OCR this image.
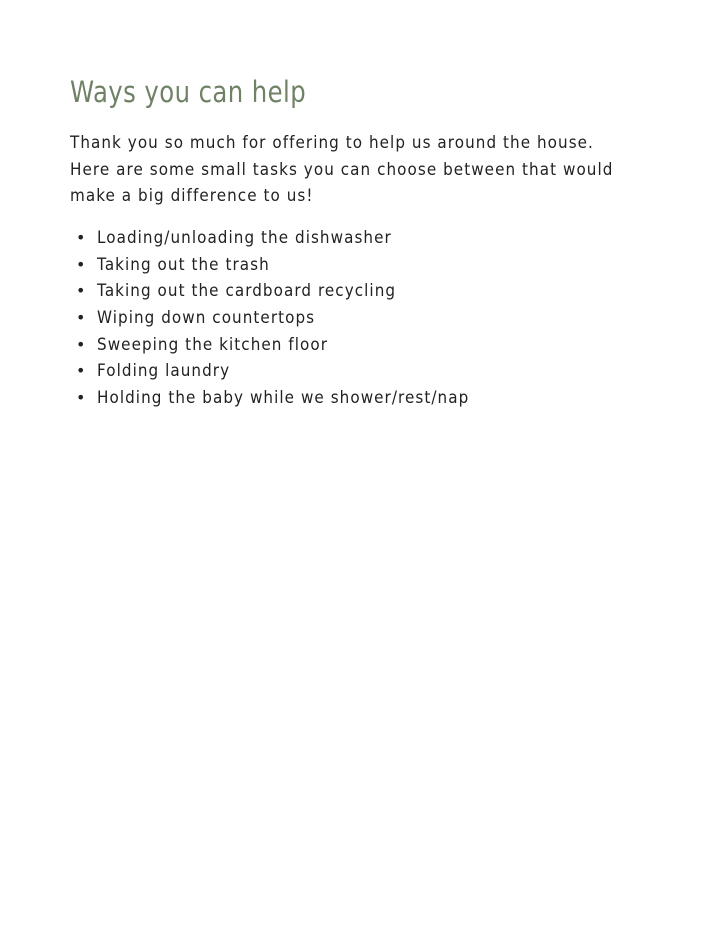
Ways you can help

Thank you so much for offering to help us around the house. Here are some small tasks you can choose between that would make a big difference to us!

• Loading/unloading the dishwasher
• Taking out the trash
• Taking out the cardboard recycling
• Wiping down countertops
• Sweeping the kitchen floor
• Folding laundry
• Holding the baby while we shower/rest/nap
